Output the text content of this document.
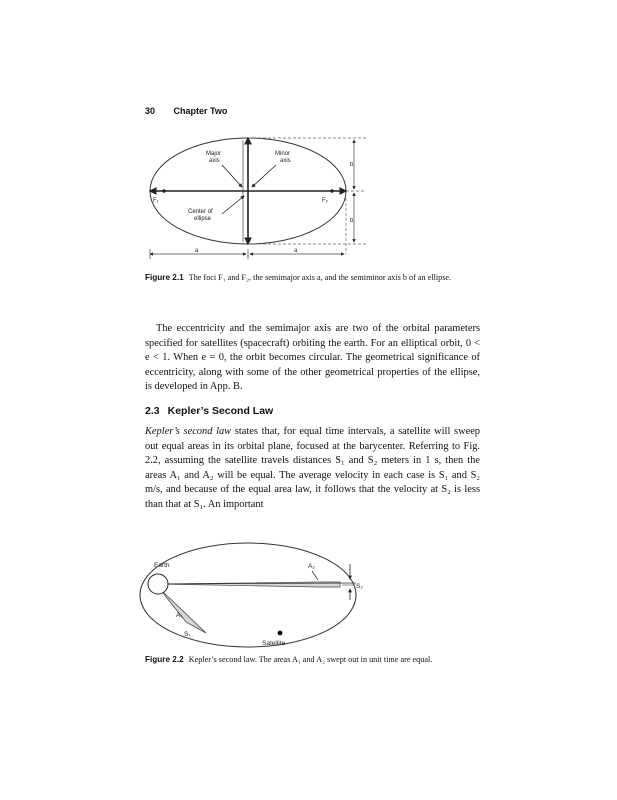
30 Chapter Two
Major
axis
Minor
axis
F₁	F₂
Center of
ellipse
b
b
a	a
Figure 2.1 The foci F₁ and F₂, the semimajor axis a, and the semiminor axis b of an ellipse.

The eccentricity and the semimajor axis are two of the orbital parameters specified for satellites (spacecraft) orbiting the earth. For an elliptical orbit, 0 < e < 1. When e = 0, the orbit becomes circular. The geometrical significance of eccentricity, along with some of the other geometrical properties of the ellipse, is developed in App. B.

2.3 Kepler’s Second Law

Kepler’s second law states that, for equal time intervals, a satellite will sweep out equal areas in its orbital plane, focused at the barycenter. Referring to Fig. 2.2, assuming the satellite travels distances S₁ and S₂ meters in 1 s, then the areas A₁ and A₂ will be equal. The average velocity in each case is S₁ and S₂ m/s, and because of the equal area law, it follows that the velocity at S₂ is less than that at S₁. An important

Earth	A₂
S₂
A₁
S₁
Satellite
Figure 2.2 Kepler’s second law. The areas A₁ and A₂ swept out in unit time are equal.
